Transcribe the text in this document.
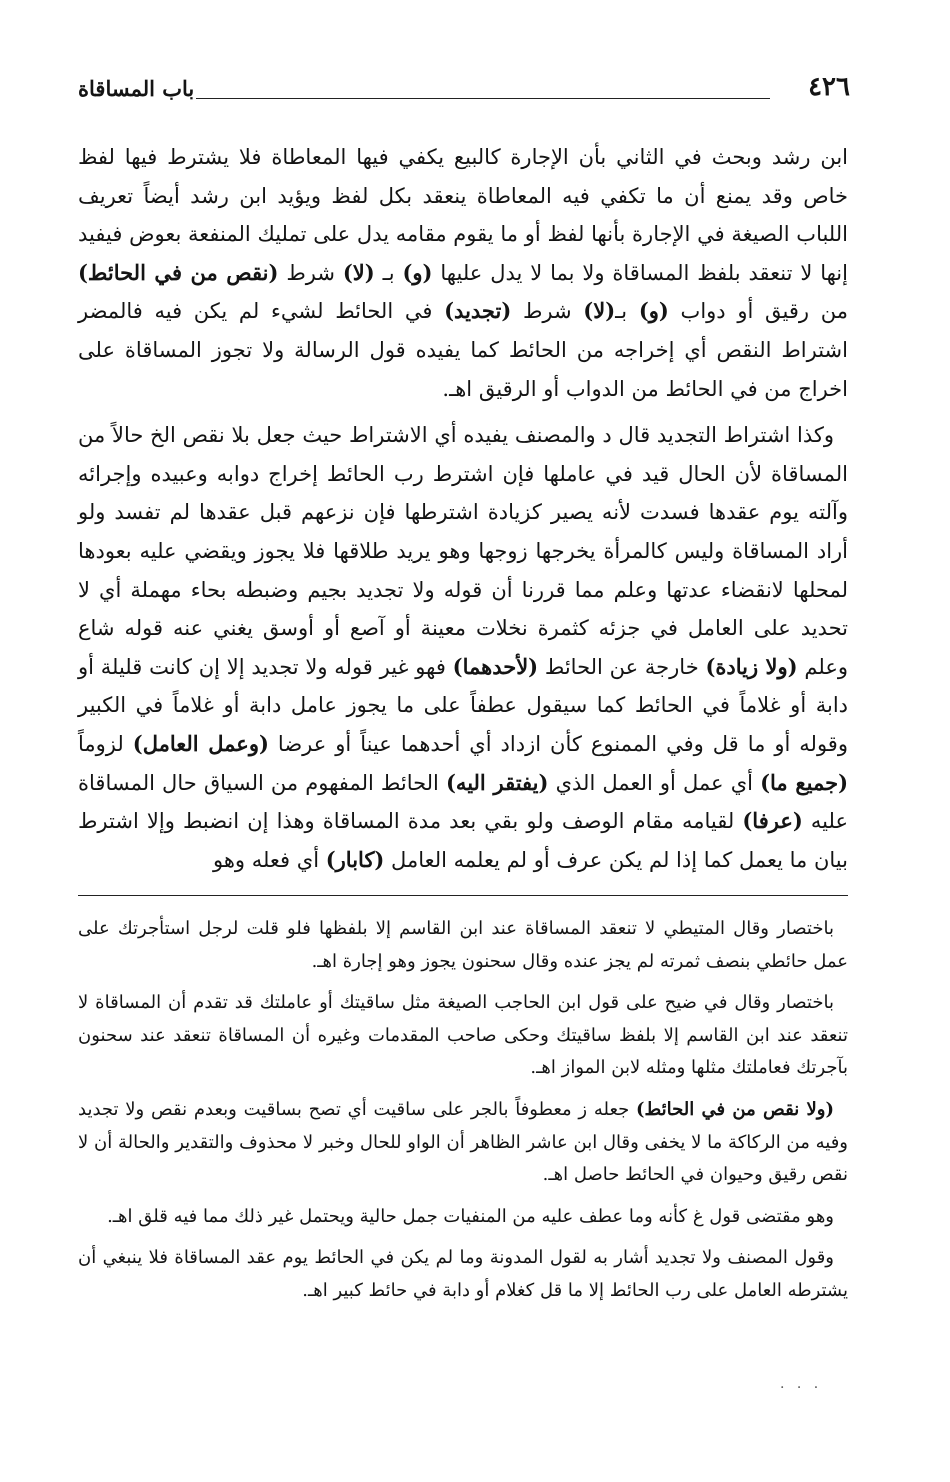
٤٢٦
باب المساقاة

ابن رشد وبحث في الثاني بأن الإجارة كالبيع يكفي فيها المعاطاة فلا يشترط فيها لفظ خاص وقد يمنع أن ما تكفي فيه المعاطاة ينعقد بكل لفظ ويؤيد ابن رشد أيضاً تعريف اللباب الصيغة في الإجارة بأنها لفظ أو ما يقوم مقامه يدل على تمليك المنفعة بعوض فيفيد إنها لا تنعقد بلفظ المساقاة ولا بما لا يدل عليها (و) بـ (لا) شرط (نقص من في الحائط) من رقيق أو دواب (و) بـ(لا) شرط (تجديد) في الحائط لشيء لم يكن فيه فالمضر اشتراط النقص أي إخراجه من الحائط كما يفيده قول الرسالة ولا تجوز المساقاة على اخراج من في الحائط من الدواب أو الرقيق اهـ.

وكذا اشتراط التجديد قال د والمصنف يفيده أي الاشتراط حيث جعل بلا نقص الخ حالاً من المساقاة لأن الحال قيد في عاملها فإن اشترط رب الحائط إخراج دوابه وعبيده وإجرائه وآلته يوم عقدها فسدت لأنه يصير كزيادة اشترطها فإن نزعهم قبل عقدها لم تفسد ولو أراد المساقاة وليس كالمرأة يخرجها زوجها وهو يريد طلاقها فلا يجوز ويقضي عليه بعودها لمحلها لانقضاء عدتها وعلم مما قررنا أن قوله ولا تجديد بجيم وضبطه بحاء مهملة أي لا تحديد على العامل في جزئه كثمرة نخلات معينة أو آصع أو أوسق يغني عنه قوله شاع وعلم (ولا زيادة) خارجة عن الحائط (لأحدهما) فهو غير قوله ولا تجديد إلا إن كانت قليلة أو دابة أو غلاماً في الحائط كما سيقول عطفاً على ما يجوز عامل دابة أو غلاماً في الكبير وقوله أو ما قل وفي الممنوع كأن ازداد أي أحدهما عيناً أو عرضا (وعمل العامل) لزوماً (جميع ما) أي عمل أو العمل الذي (يفتقر اليه) الحائط المفهوم من السياق حال المساقاة عليه (عرفا) لقيامه مقام الوصف ولو بقي بعد مدة المساقاة وهذا إن انضبط وإلا اشترط بيان ما يعمل كما إذا لم يكن عرف أو لم يعلمه العامل (كابار) أي فعله وهو

باختصار وقال المتيطي لا تنعقد المساقاة عند ابن القاسم إلا بلفظها فلو قلت لرجل استأجرتك على عمل حائطي بنصف ثمرته لم يجز عنده وقال سحنون يجوز وهو إجارة اهـ.

باختصار وقال في ضيح على قول ابن الحاجب الصيغة مثل ساقيتك أو عاملتك قد تقدم أن المساقاة لا تنعقد عند ابن القاسم إلا بلفظ ساقيتك وحكى صاحب المقدمات وغيره أن المساقاة تنعقد عند سحنون بآجرتك فعاملتك مثلها ومثله لابن المواز اهـ.

(ولا نقص من في الحائط) جعله ز معطوفاً بالجر على ساقيت أي تصح بساقيت وبعدم نقص ولا تجديد وفيه من الركاكة ما لا يخفى وقال ابن عاشر الظاهر أن الواو للحال وخبر لا محذوف والتقدير والحالة أن لا نقص رقيق وحيوان في الحائط حاصل اهـ.

وهو مقتضى قول غ كأنه وما عطف عليه من المنفيات جمل حالية ويحتمل غير ذلك مما فيه قلق اهـ.

وقول المصنف ولا تجديد أشار به لقول المدونة وما لم يكن في الحائط يوم عقد المساقاة فلا ينبغي أن يشترطه العامل على رب الحائط إلا ما قل كغلام أو دابة في حائط كبير اهـ.

· · ·
